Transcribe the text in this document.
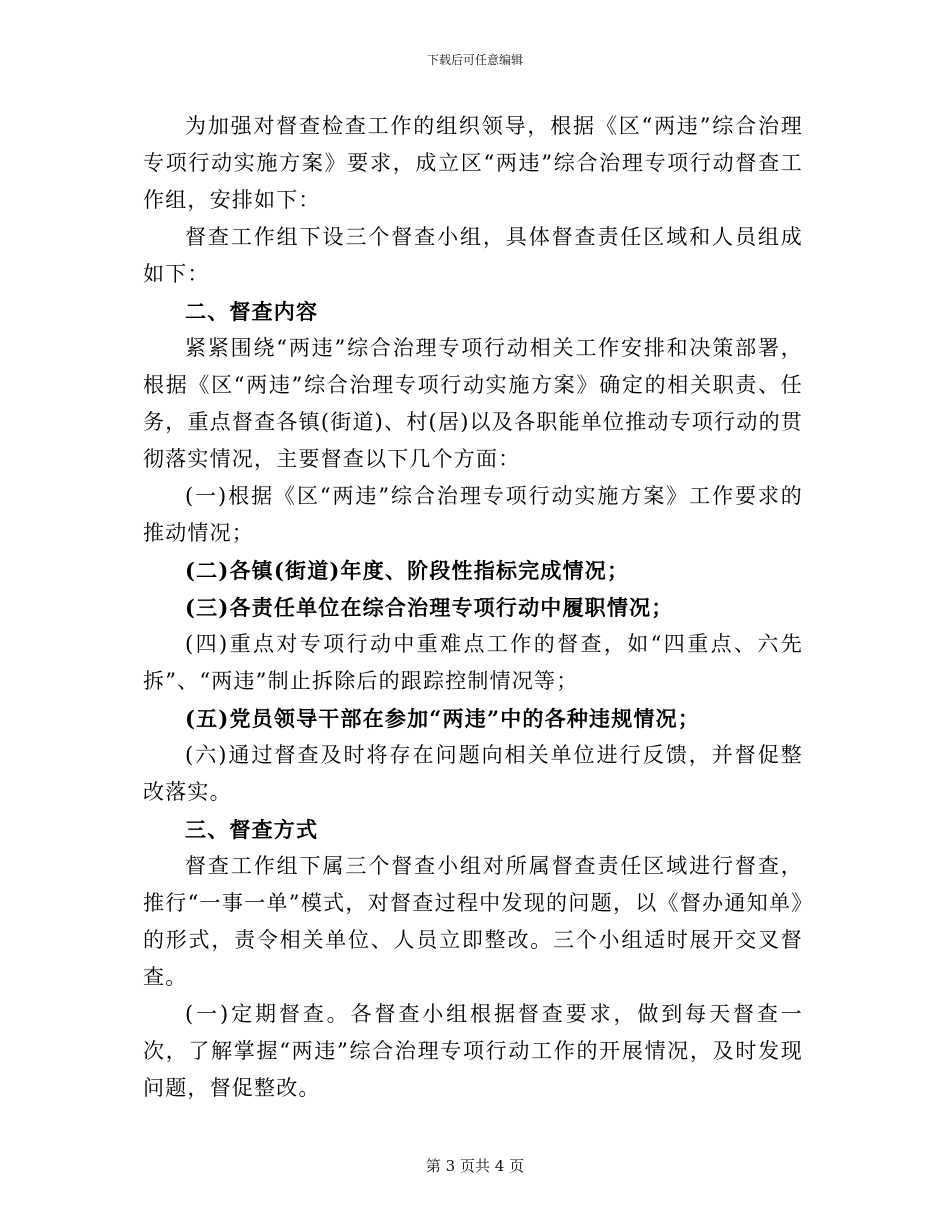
下载后可任意编辑

为加强对督查检查工作的组织领导，根据《区“两违”综合治理专项行动实施方案》要求，成立区“两违”综合治理专项行动督查工作组，安排如下：

督查工作组下设三个督查小组，具体督查责任区域和人员组成如下：

二、督查内容

紧紧围绕“两违”综合治理专项行动相关工作安排和决策部署，根据《区“两违”综合治理专项行动实施方案》确定的相关职责、任务，重点督查各镇(街道)、村(居)以及各职能单位推动专项行动的贯彻落实情况，主要督查以下几个方面：

(一)根据《区“两违”综合治理专项行动实施方案》工作要求的推动情况；

(二)各镇(街道)年度、阶段性指标完成情况；

(三)各责任单位在综合治理专项行动中履职情况；

(四)重点对专项行动中重难点工作的督查，如“四重点、六先拆”、“两违”制止拆除后的跟踪控制情况等；

(五)党员领导干部在参加“两违”中的各种违规情况；

(六)通过督查及时将存在问题向相关单位进行反馈，并督促整改落实。

三、督查方式

督查工作组下属三个督查小组对所属督查责任区域进行督查，推行“一事一单”模式，对督查过程中发现的问题，以《督办通知单》的形式，责令相关单位、人员立即整改。三个小组适时展开交叉督查。

(一)定期督查。各督查小组根据督查要求，做到每天督查一次，了解掌握“两违”综合治理专项行动工作的开展情况，及时发现问题，督促整改。

第 3 页共 4 页
